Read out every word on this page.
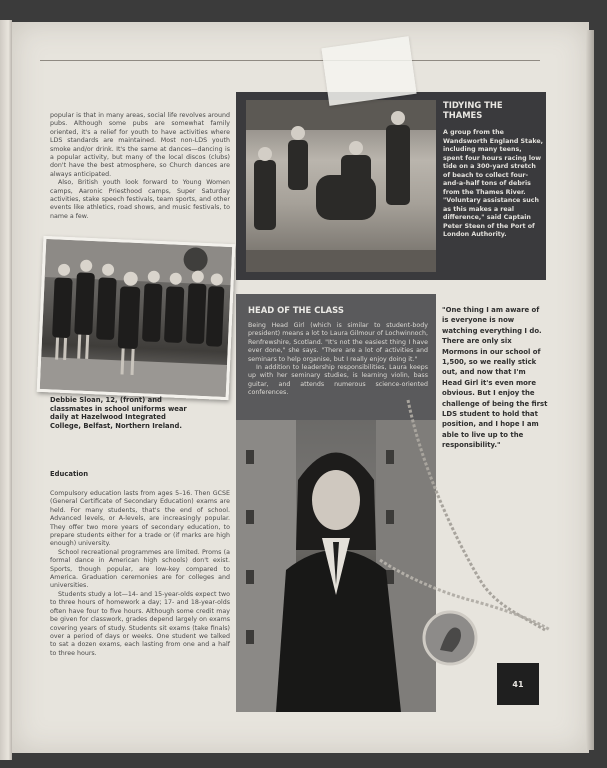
popular is that in many areas, social life revolves around pubs. Although some pubs are somewhat family oriented, it's a relief for youth to have activities where LDS standards are maintained. Most non-LDS youth smoke and/or drink. It's the same at dances—dancing is a popular activity, but many of the local discos (clubs) don't have the best atmosphere, so Church dances are always anticipated.

Also, British youth look forward to Young Women camps, Aaronic Priesthood camps, Super Saturday activities, stake speech festivals, team sports, and other events like athletics, road shows, and music festivals, to name a few.

Debbie Sloan, 12, (front) and classmates in school uniforms wear daily at Hazelwood Integrated College, Belfast, Northern Ireland.

Education

Compulsory education lasts from ages 5–16. Then GCSE (General Certificate of Secondary Education) exams are held. For many students, that's the end of school. Advanced levels, or A-levels, are increasingly popular. They offer two more years of secondary education, to prepare students either for a trade or (if marks are high enough) university.

School recreational programmes are limited. Proms (a formal dance in American high schools) don't exist. Sports, though popular, are low-key compared to America. Graduation ceremonies are for colleges and universities.

Students study a lot—14- and 15-year-olds expect two to three hours of homework a day; 17- and 18-year-olds often have four to five hours. Although some credit may be given for classwork, grades depend largely on exams covering years of study. Students sit exams (take finals) over a period of days or weeks. One student we talked to sat a dozen exams, each lasting from one and a half to three hours.

TIDYING THE THAMES

A group from the Wandsworth England Stake, including many teens, spent four hours racing low tide on a 300-yard stretch of beach to collect four-and-a-half tons of debris from the Thames River. "Voluntary assistance such as this makes a real difference," said Captain Peter Steen of the Port of London Authority.

HEAD OF THE CLASS

Being Head Girl (which is similar to student-body president) means a lot to Laura Gilmour of Lochwinnoch, Renfrewshire, Scotland. "It's not the easiest thing I have ever done," she says. "There are a lot of activities and seminars to help organise, but I really enjoy doing it."

In addition to leadership responsibilities, Laura keeps up with her seminary studies, is learning violin, bass guitar, and attends numerous science-oriented conferences.

"One thing I am aware of is everyone is now watching everything I do. There are only six Mormons in our school of 1,500, so we really stick out, and now that I'm Head Girl it's even more obvious. But I enjoy the challenge of being the first LDS student to hold that position, and I hope I am able to live up to the responsibility."

41
